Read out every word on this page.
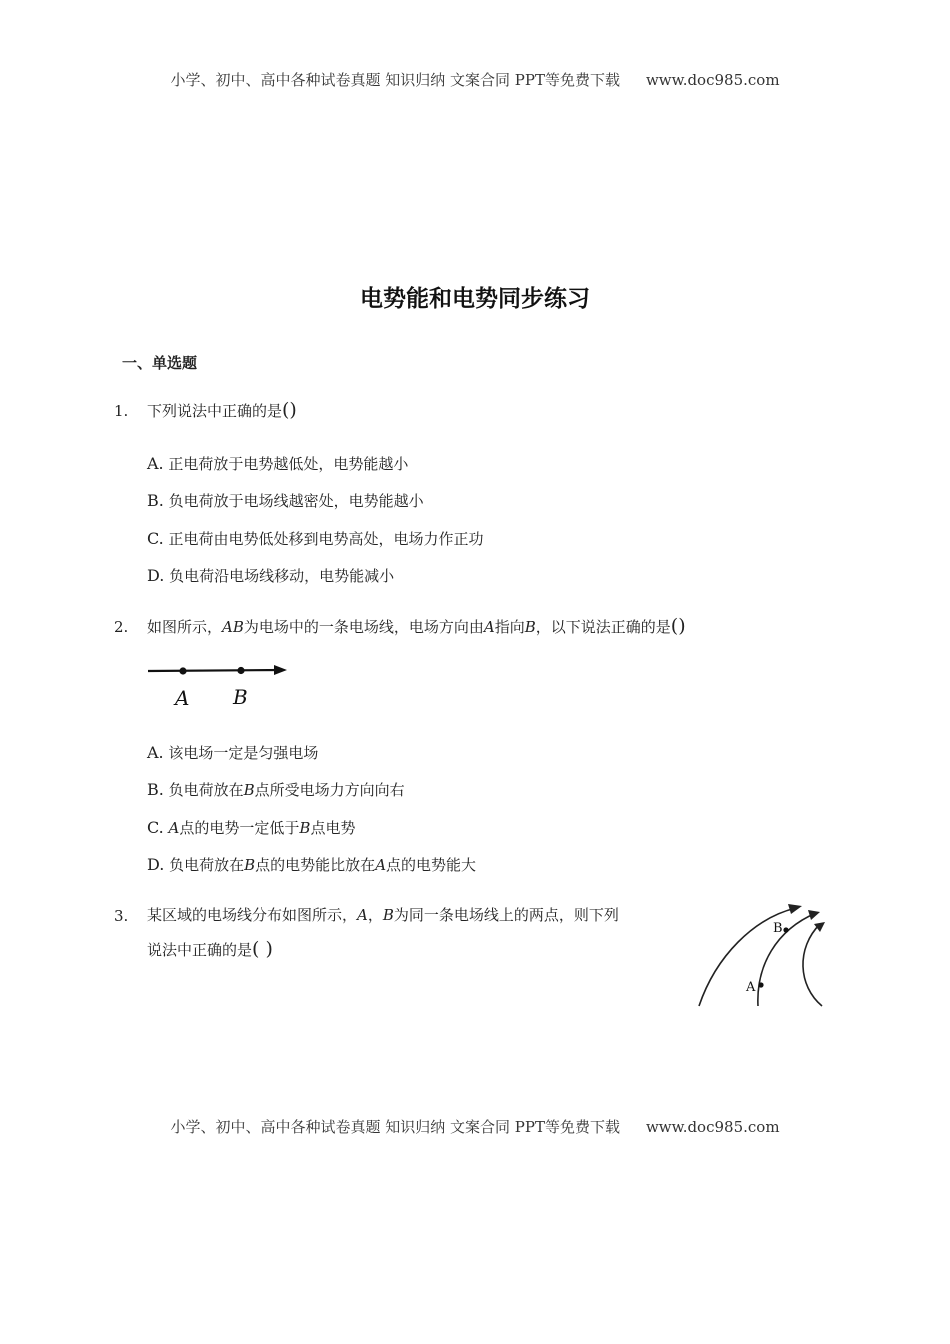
小学、初中、高中各种试卷真题 知识归纳 文案合同 PPT等免费下载 www.doc985.com
电势能和电势同步练习
一、单选题
1. 下列说法中正确的是()
A. 正电荷放于电势越低处，电势能越小
B. 负电荷放于电场线越密处，电势能越小
C. 正电荷由电势低处移到电势高处，电场力作正功
D. 负电荷沿电场线移动，电势能减小
2. 如图所示，AB为电场中的一条电场线，电场方向由A指向B，以下说法正确的是()
A B
A. 该电场一定是匀强电场
B. 负电荷放在B点所受电场力方向向右
C. A点的电势一定低于B点电势
D. 负电荷放在B点的电势能比放在A点的电势能大
3. 某区域的电场线分布如图所示，A，B为同一条电场线上的两点，则下列
说法中正确的是( )
A
B
小学、初中、高中各种试卷真题 知识归纳 文案合同 PPT等免费下载 www.doc985.com
